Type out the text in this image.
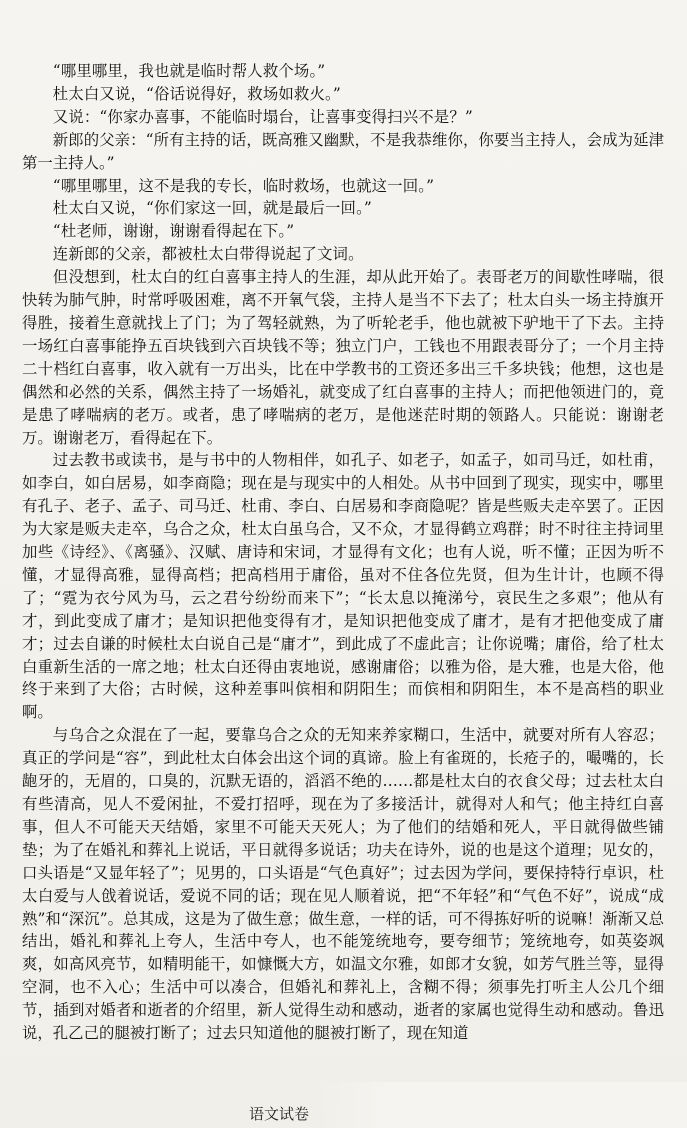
“哪里哪里，我也就是临时帮人救个场。”

杜太白又说，“俗话说得好，救场如救火。”

又说：“你家办喜事，不能临时塌台，让喜事变得扫兴不是？”

新郎的父亲：“所有主持的话，既高雅又幽默，不是我恭维你，你要当主持人，会成为延津第一主持人。”

“哪里哪里，这不是我的专长，临时救场，也就这一回。”

杜太白又说，“你们家这一回，就是最后一回。”

“杜老师，谢谢，谢谢看得起在下。”

连新郎的父亲，都被杜太白带得说起了文词。

但没想到，杜太白的红白喜事主持人的生涯，却从此开始了。表哥老万的间歇性哮喘，很快转为肺气肿，时常呼吸困难，离不开氧气袋，主持人是当不下去了；杜太白头一场主持旗开得胜，接着生意就找上了门；为了驾轻就熟，为了听轮老手，他也就被下驴地干了下去。主持一场红白喜事能挣五百块钱到六百块钱不等；独立门户，工钱也不用跟表哥分了；一个月主持二十档红白喜事，收入就有一万出头，比在中学教书的工资还多出三千多块钱；他想，这也是偶然和必然的关系，偶然主持了一场婚礼，就变成了红白喜事的主持人；而把他领进门的，竟是患了哮喘病的老万。或者，患了哮喘病的老万，是他迷茫时期的领路人。只能说：谢谢老万。谢谢老万，看得起在下。

过去教书或读书，是与书中的人物相伴，如孔子、如老子，如孟子，如司马迁，如杜甫，如李白，如白居易，如李商隐；现在是与现实中的人相处。从书中回到了现实，现实中，哪里有孔子、老子、孟子、司马迁、杜甫、李白、白居易和李商隐呢？皆是些贩夫走卒罢了。正因为大家是贩夫走卒，乌合之众，杜太白虽乌合，又不众，才显得鹤立鸡群；时不时往主持词里加些《诗经》、《离骚》、汉赋、唐诗和宋词，才显得有文化；也有人说，听不懂；正因为听不懂，才显得高雅，显得高档；把高档用于庸俗，虽对不住各位先贤，但为生计计，也顾不得了；“霓为衣兮风为马，云之君兮纷纷而来下”；“长太息以掩涕兮，哀民生之多艰”；他从有才，到此变成了庸才；是知识把他变得有才，是知识把他变成了庸才，是有才把他变成了庸才；过去自谦的时候杜太白说自己是“庸才”，到此成了不虚此言；让你说嘴；庸俗，给了杜太白重新生活的一席之地；杜太白还得由衷地说，感谢庸俗；以雅为俗，是大雅，也是大俗，他终于来到了大俗；古时候，这种差事叫傧相和阴阳生；而傧相和阴阳生，本不是高档的职业啊。

与乌合之众混在了一起，要靠乌合之众的无知来养家糊口，生活中，就要对所有人容忍；真正的学问是“容”，到此杜太白体会出这个词的真谛。脸上有雀斑的，长疮子的，嘬嘴的，长龅牙的，无眉的，口臭的，沉默无语的，滔滔不绝的……都是杜太白的衣食父母；过去杜太白有些清高，见人不爱闲扯，不爱打招呼，现在为了多接活计，就得对人和气；他主持红白喜事，但人不可能天天结婚，家里不可能天天死人；为了他们的结婚和死人，平日就得做些铺垫；为了在婚礼和葬礼上说话，平日就得多说话；功夫在诗外，说的也是这个道理；见女的，口头语是“又显年轻了”；见男的，口头语是“气色真好”；过去因为学问，要保持特行卓识，杜太白爱与人戗着说话，爱说不同的话；现在见人顺着说，把“不年轻”和“气色不好”，说成“成熟”和“深沉”。总其成，这是为了做生意；做生意，一样的话，可不得拣好听的说嘛！渐渐又总结出，婚礼和葬礼上夸人，生活中夸人，也不能笼统地夸，要夸细节；笼统地夸，如英姿飒爽，如高风亮节，如精明能干，如慷慨大方，如温文尔雅，如郎才女貌，如芳气胜兰等，显得空洞，也不入心；生活中可以凑合，但婚礼和葬礼上，含糊不得；须事先打听主人公几个细节，插到对婚者和逝者的介绍里，新人觉得生动和感动，逝者的家属也觉得生动和感动。鲁迅说，孔乙己的腿被打断了；过去只知道他的腿被打断了，现在知道

语文试卷
